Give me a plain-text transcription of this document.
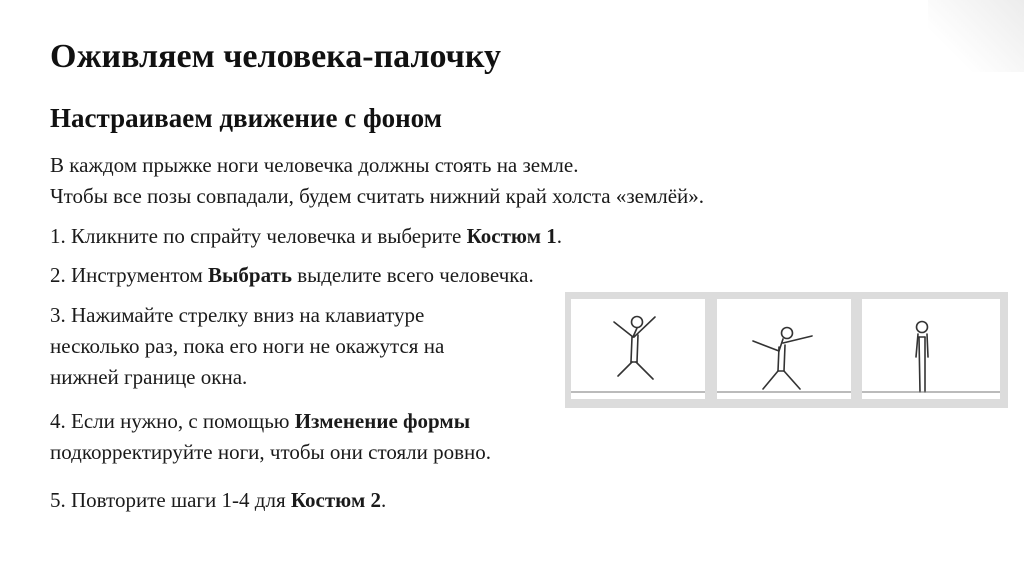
Оживляем человека-палочку
Настраиваем движение с фоном
В каждом прыжке ноги человечка должны стоять на земле.
Чтобы все позы совпадали, будем считать нижний край холста «землёй».
1. Кликните по спрайту человечка и выберите Костюм 1.
2. Инструментом Выбрать выделите всего человечка.
3. Нажимайте стрелку вниз на клавиатуре
несколько раз, пока его ноги не окажутся на
нижней границе окна.
4. Если нужно, с помощью Изменение формы
подкорректируйте ноги, чтобы они стояли ровно.
5. Повторите шаги 1-4 для Костюм 2.
